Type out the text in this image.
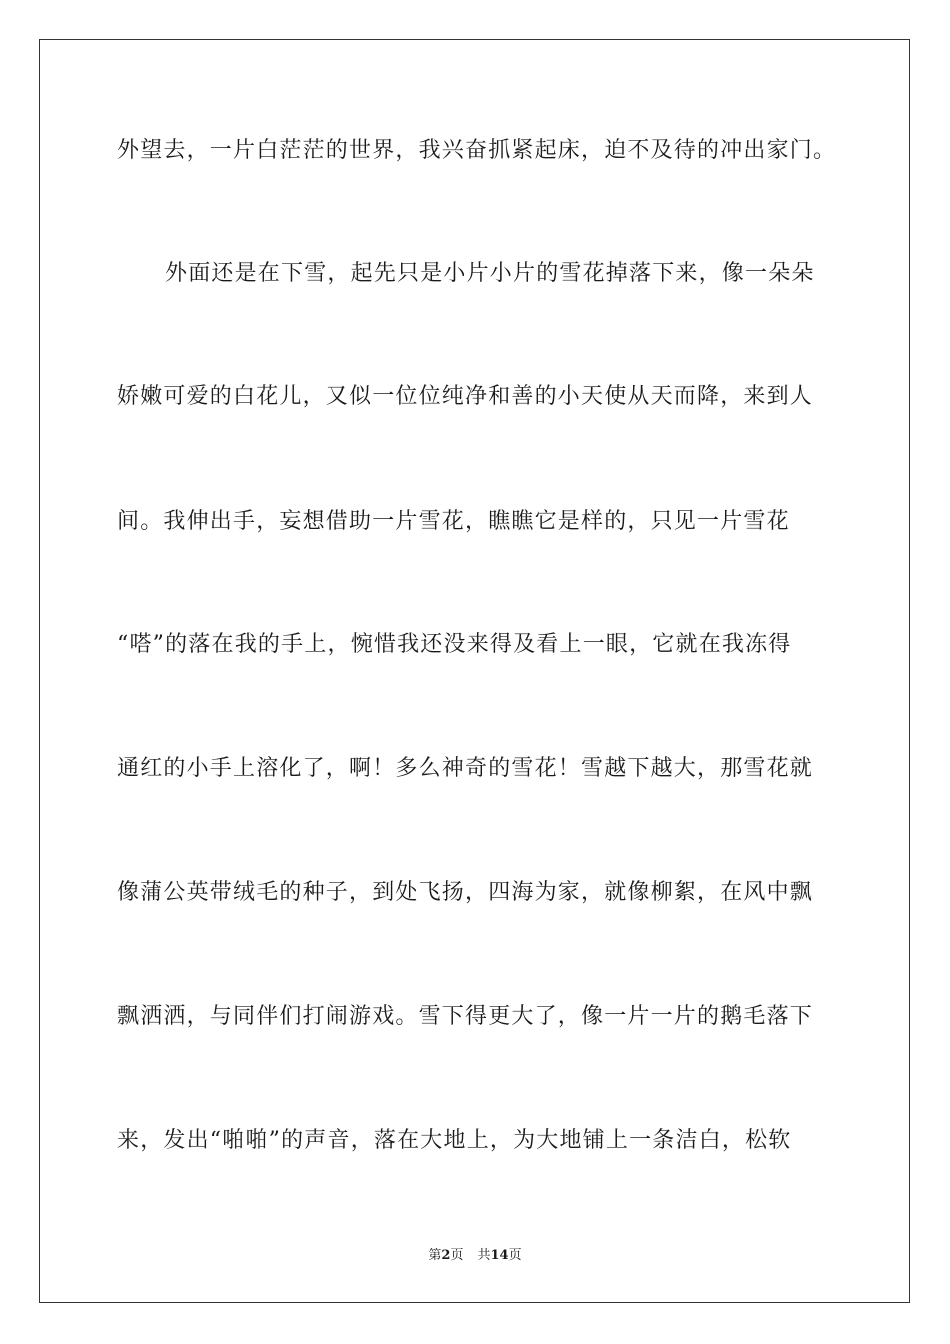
外望去，一片白茫茫的世界，我兴奋抓紧起床，迫不及待的冲出家门。
外面还是在下雪，起先只是小片小片的雪花掉落下来，像一朵朵
娇嫩可爱的白花儿，又似一位位纯净和善的小天使从天而降，来到人
间。我伸出手，妄想借助一片雪花，瞧瞧它是样的，只见一片雪花
“嗒”的落在我的手上，惋惜我还没来得及看上一眼，它就在我冻得
通红的小手上溶化了，啊！多么神奇的雪花！雪越下越大，那雪花就
像蒲公英带绒毛的种子，到处飞扬，四海为家，就像柳絮，在风中飘
飘洒洒，与同伴们打闹游戏。雪下得更大了，像一片一片的鹅毛落下
来，发出“啪啪”的声音，落在大地上，为大地铺上一条洁白，松软
第2页 共14页
